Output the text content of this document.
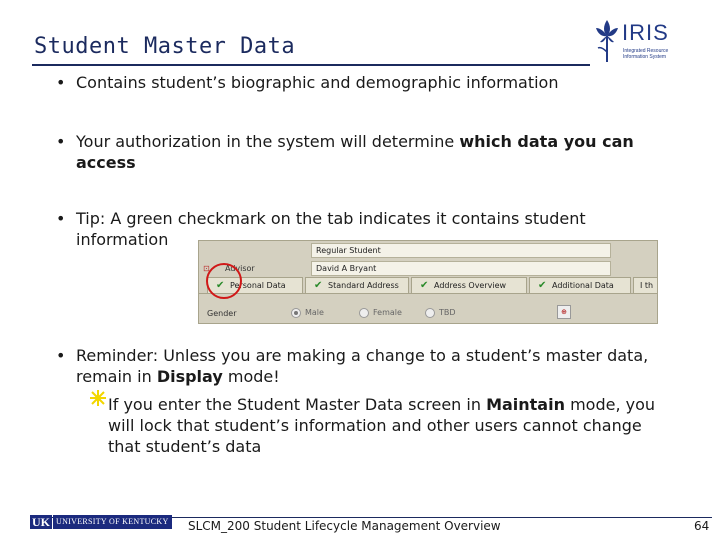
Student Master Data
IRIS
Integrated Resource Information System
• Contains student’s biographic and demographic information
• Your authorization in the system will determine which data you can access
• Tip: A green checkmark on the tab indicates it contains student information
Regular Student
⊡	Advisor	David A Bryant
✔ Personal Data	✔ Standard Address	✔ Address Overview	✔ Additional Data	I th
Gender	Male	Female	TBD	⊕
• Reminder: Unless you are making a change to a student’s master data, remain in Display mode!
If you enter the Student Master Data screen in Maintain mode, you will lock that student’s information and other users cannot change that student’s data
UK UNIVERSITY OF KENTUCKY SLCM_200 Student Lifecycle Management Overview	64
